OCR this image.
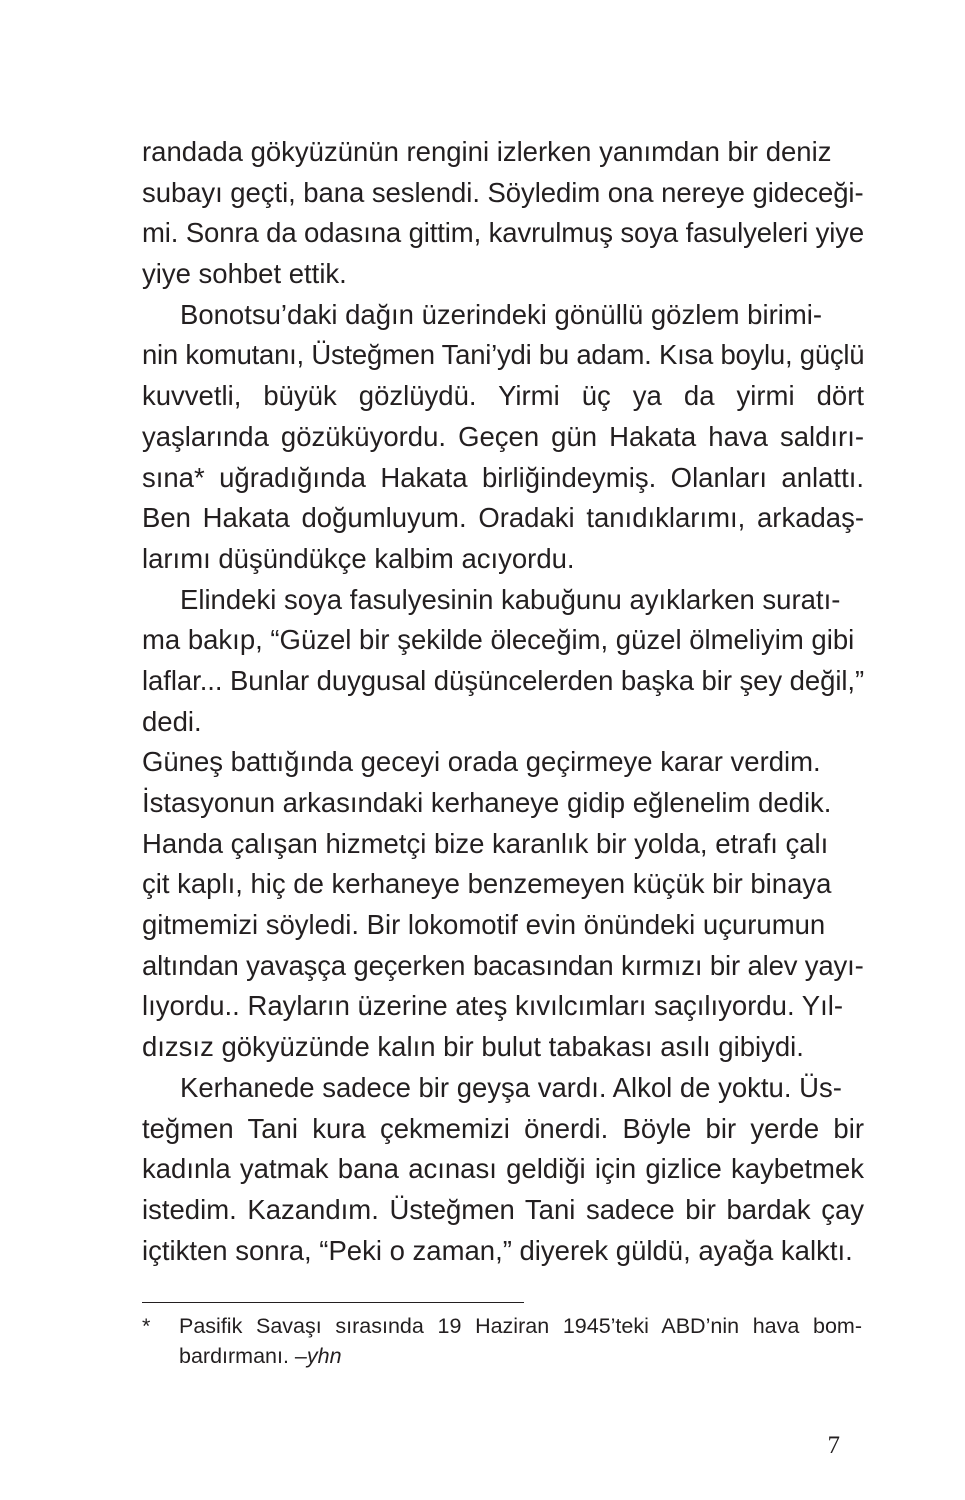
randada gökyüzünün rengini izlerken yanımdan bir deniz
subayı geçti, bana seslendi. Söyledim ona nereye gideceği-
mi. Sonra da odasına gittim, kavrulmuş soya fasulyeleri yiye
yiye sohbet ettik.
Bonotsu’daki dağın üzerindeki gönüllü gözlem birimi-
nin komutanı, Üsteğmen Tani’ydi bu adam. Kısa boylu, güçlü
kuvvetli, büyük gözlüydü. Yirmi üç ya da yirmi dört
yaşlarında gözüküyordu. Geçen gün Hakata hava saldırı-
sına* uğradığında Hakata birliğindeymiş. Olanları anlattı.
Ben Hakata doğumluyum. Oradaki tanıdıklarımı, arkadaş-
larımı düşündükçe kalbim acıyordu.
Elindeki soya fasulyesinin kabuğunu ayıklarken suratı-
ma bakıp, “Güzel bir şekilde öleceğim, güzel ölmeliyim gibi
laflar... Bunlar duygusal düşüncelerden başka bir şey değil,”
dedi.
Güneş battığında geceyi orada geçirmeye karar verdim.
İstasyonun arkasındaki kerhaneye gidip eğlenelim dedik.
Handa çalışan hizmetçi bize karanlık bir yolda, etrafı çalı
çit kaplı, hiç de kerhaneye benzemeyen küçük bir binaya
gitmemizi söyledi. Bir lokomotif evin önündeki uçurumun
altından yavaşça geçerken bacasından kırmızı bir alev yayı-
lıyordu.. Rayların üzerine ateş kıvılcımları saçılıyordu. Yıl-
dızsız gökyüzünde kalın bir bulut tabakası asılı gibiydi.
Kerhanede sadece bir geyşa vardı. Alkol de yoktu. Üs-
teğmen Tani kura çekmemizi önerdi. Böyle bir yerde bir
kadınla yatmak bana acınası geldiği için gizlice kaybetmek
istedim. Kazandım. Üsteğmen Tani sadece bir bardak çay
içtikten sonra, “Peki o zaman,” diyerek güldü, ayağa kalktı.
* Pasifik Savaşı sırasında 19 Haziran 1945’teki ABD’nin hava bom-
bardırmanı. –yhn
7
